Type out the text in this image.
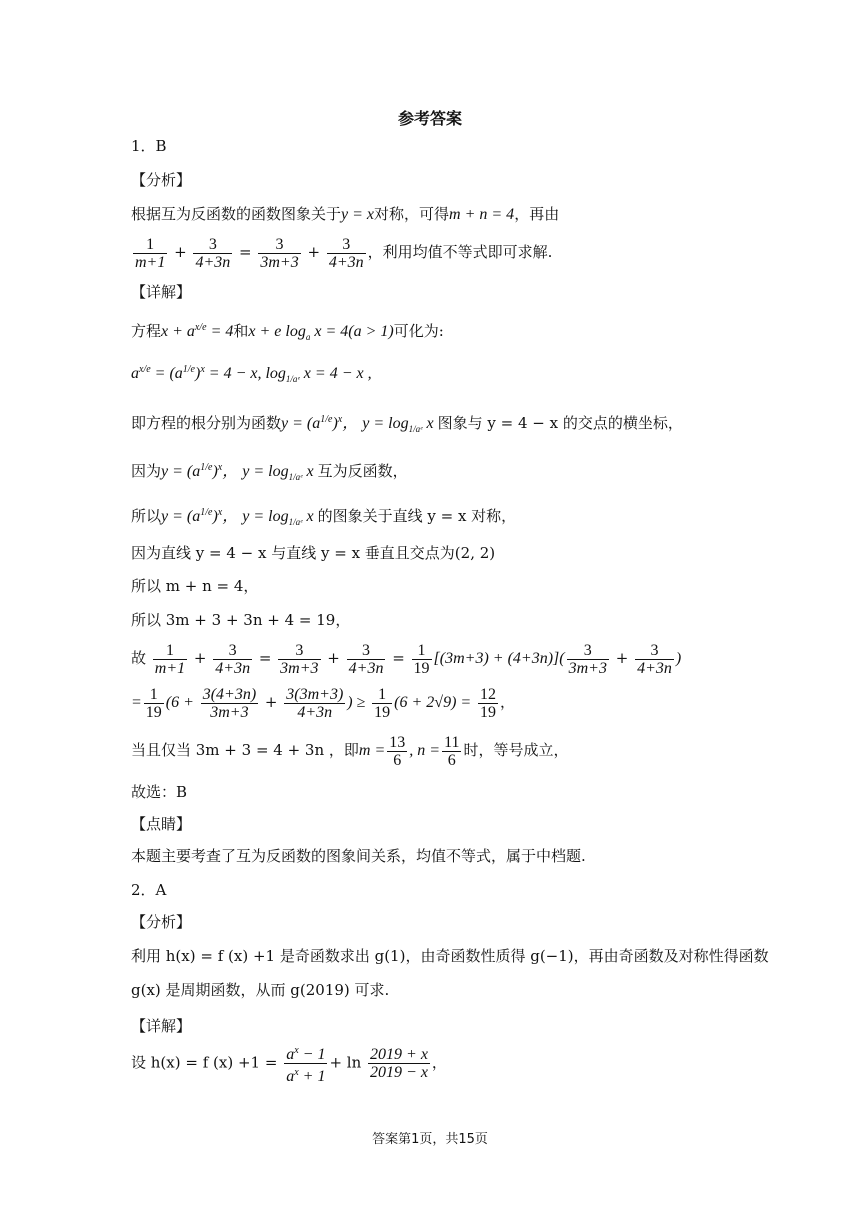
参考答案
1．B
【分析】
根据互为反函数的函数图象关于y = x对称，可得m + n = 4，再由
$\frac{1}{m+1} + \frac{3}{4+3n} = \frac{3}{3m+3} + \frac{3}{4+3n}$ ，利用均值不等式即可求解.
【详解】
方程$x + a^{x/e} = 4$和x + e $\log_a x = 4(a > 1)$可化为:
$a^{x/e} = (a^{1/e})^x = 4 - x$, $\log_{1/aᵉ} x = 4 - x$ ,
即方程的根分别为函数$y = (a^{1/e})^x$， $y = \log_{1/aᵉ} x$ 图象与 y = 4 − x 的交点的横坐标，
因为$y = (a^{1/e})^x$， $y = \log_{1/aᵉ} x$ 互为反函数，
所以$y = (a^{1/e})^x$， $y = \log_{1/aᵉ} x$ 的图象关于直线 y = x 对称，
因为直线 y = 4 − x 与直线 y = x 垂直且交点为(2, 2)
所以 m + n = 4，
所以 3m + 3 + 3n + 4 = 19，
故 $\frac{1}{m+1} + \frac{3}{4+3n} = \frac{3}{3m+3} + \frac{3}{4+3n} = \frac{1}{19} [(3m+3) + (4+3n)]( \frac{3}{3m+3} + \frac{3}{4+3n}$ )
= $\frac{1}{19} (6 + \frac{3(4+3n)}{3m+3} + \frac{3(3m+3)}{4+3n}$ ) ≥ $\frac{1}{19} (6 + 2√9) = \frac{12}{19}$ ，
当且仅当 3m + 3 = 4 + 3n ，即$m = \frac{13}{6}$ , $n = \frac{11}{6}$ 时，等号成立，
故选：B
【点睛】
本题主要考查了互为反函数的图象间关系，均值不等式，属于中档题.
2．A
【分析】
利用 h(x) = f (x) +1 是奇函数求出 g(1)，由奇函数性质得 g(−1)，再由奇函数及对称性得函数
g(x) 是周期函数，从而 g(2019) 可求.
【详解】
设 h(x) = f $(x) +1 = \frac{a^x - 1}{a^x + 1} + \ln \frac{2019 + x}{2019 - x}$ ，
答案第1页，共15页
